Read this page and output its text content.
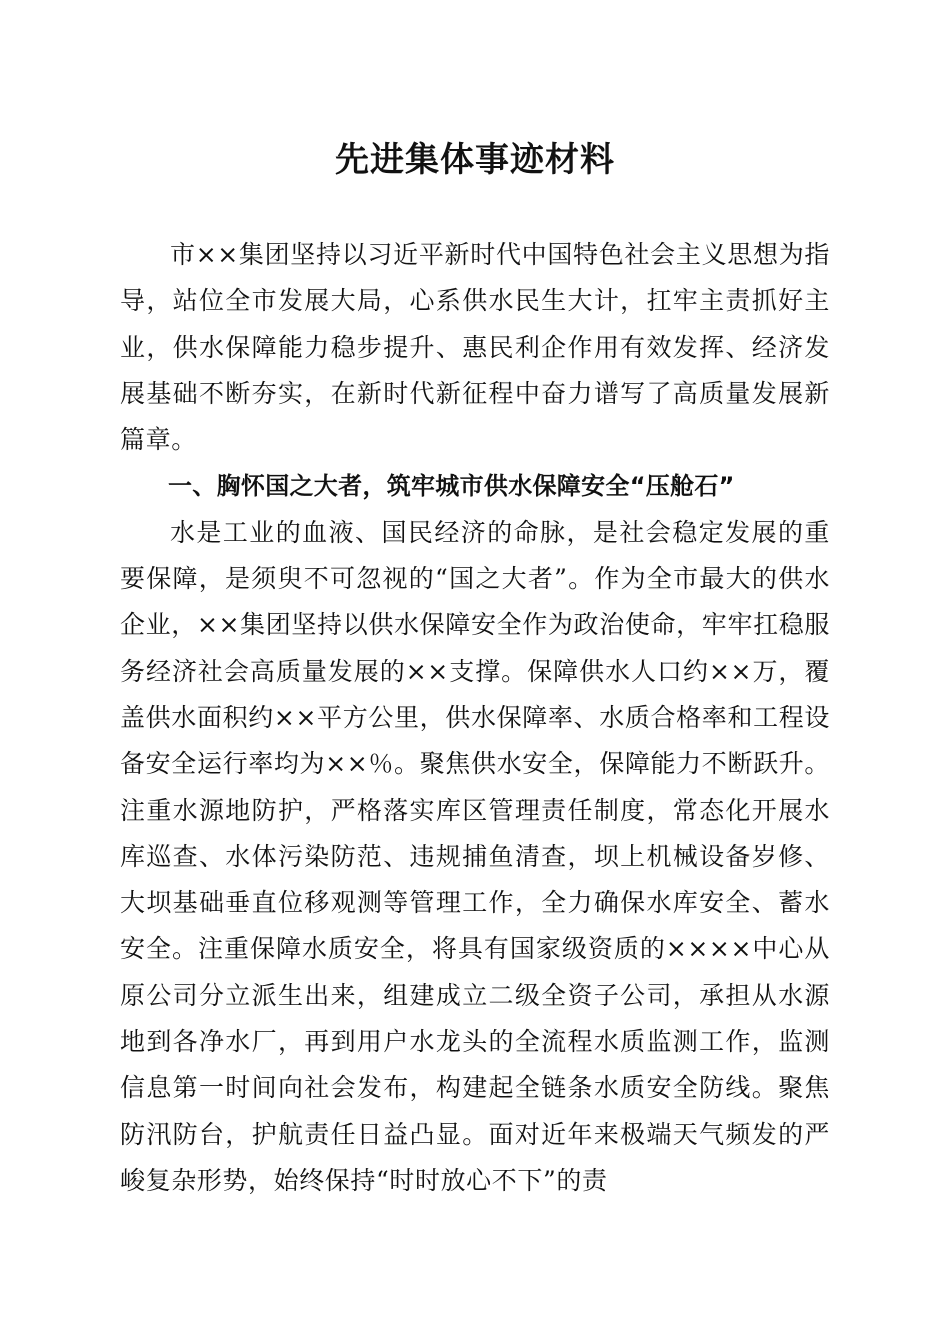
先进集体事迹材料

市××集团坚持以习近平新时代中国特色社会主义思想为指导，站位全市发展大局，心系供水民生大计，扛牢主责抓好主业，供水保障能力稳步提升、惠民利企作用有效发挥、经济发展基础不断夯实，在新时代新征程中奋力谱写了高质量发展新篇章。

一、胸怀国之大者，筑牢城市供水保障安全“压舱石”

水是工业的血液、国民经济的命脉，是社会稳定发展的重要保障，是须臾不可忽视的“国之大者”。作为全市最大的供水企业，××集团坚持以供水保障安全作为政治使命，牢牢扛稳服务经济社会高质量发展的××支撑。保障供水人口约××万，覆盖供水面积约××平方公里，供水保障率、水质合格率和工程设备安全运行率均为××％。聚焦供水安全，保障能力不断跃升。注重水源地防护，严格落实库区管理责任制度，常态化开展水库巡查、水体污染防范、违规捕鱼清查，坝上机械设备岁修、大坝基础垂直位移观测等管理工作，全力确保水库安全、蓄水安全。注重保障水质安全，将具有国家级资质的××××中心从原公司分立派生出来，组建成立二级全资子公司，承担从水源地到各净水厂，再到用户水龙头的全流程水质监测工作，监测信息第一时间向社会发布，构建起全链条水质安全防线。聚焦防汛防台，护航责任日益凸显。面对近年来极端天气频发的严峻复杂形势，始终保持“时时放心不下”的责
